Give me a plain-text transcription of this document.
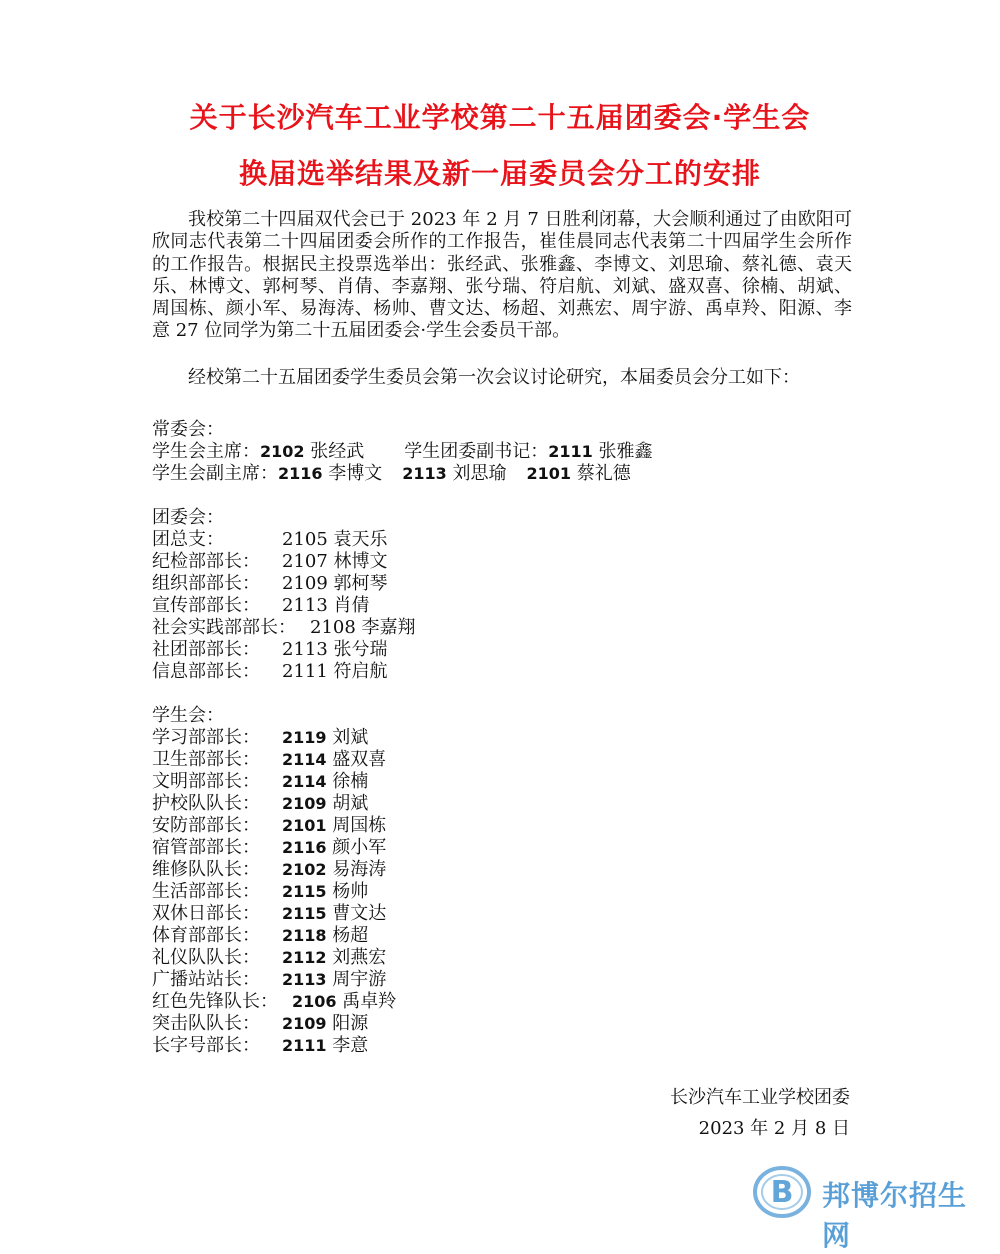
关于长沙汽车工业学校第二十五届团委会·学生会
换届选举结果及新一届委员会分工的安排
我校第二十四届双代会已于 2023 年 2 月 7 日胜利闭幕，大会顺利通过了由欧阳可欣同志代表第二十四届团委会所作的工作报告，崔佳晨同志代表第二十四届学生会所作的工作报告。根据民主投票选举出：张经武、张雅鑫、李博文、刘思瑜、蔡礼德、袁天乐、林博文、郭柯琴、肖倩、李嘉翔、张兮瑞、符启航、刘斌、盛双喜、徐楠、胡斌、周国栋、颜小军、易海涛、杨帅、曹文达、杨超、刘燕宏、周宇游、禹卓羚、阳源、李意 27 位同学为第二十五届团委会·学生会委员干部。
经校第二十五届团委学生委员会第一次会议讨论研究，本届委员会分工如下：
常委会：
学生会主席：2102 张经武 学生团委副书记：2111 张雅鑫
学生会副主席：2116 李博文 2113 刘思瑜 2101 蔡礼德
团委会：
团总支：	2105 袁天乐
纪检部部长： 2107 林博文
组织部部长： 2109 郭柯琴
宣传部部长： 2113 肖倩
社会实践部部长： 2108 李嘉翔
社团部部长： 2113 张兮瑞
信息部部长： 2111 符启航
学生会：
学习部部长： 2119 刘斌
卫生部部长： 2114 盛双喜
文明部部长： 2114 徐楠
护校队队长： 2109 胡斌
安防部部长： 2101 周国栋
宿管部部长： 2116 颜小军
维修队队长： 2102 易海涛
生活部部长： 2115 杨帅
双休日部长： 2115 曹文达
体育部部长： 2118 杨超
礼仪队队长： 2112 刘燕宏
广播站站长： 2113 周宇游
红色先锋队长： 2106 禹卓羚
突击队队长： 2109 阳源
长字号部长： 2111 李意
长沙汽车工业学校团委
2023 年 2 月 8 日
B 邦博尔招生网
